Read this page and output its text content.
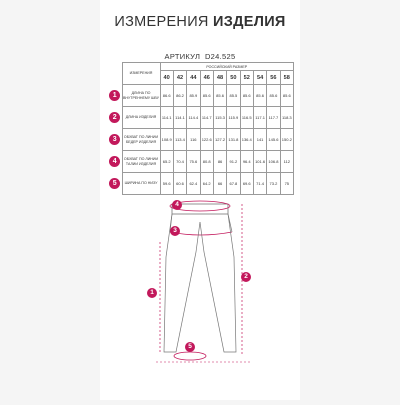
ИЗМЕРЕНИЯ ИЗДЕЛИЯ
АРТИКУЛ D24.525
	ИЗМЕРЕНИЯ	РОССИЙСКИЙ РАЗМЕР									
		40	42	44	46	48	50	52	54	56	58
1	ДЛИНА ПО ВНУТРЕННЕМУ ШВУ	86.6	86.2	85.9	85.6	85.6	85.5	85.6	85.6	85.6	85.6
2	ДЛИНА ИЗДЕЛИЯ	114.1	114.1	114.4	114.7	115.3	115.9	116.5	117.1	117.7	118.3
3	ОБХВАТ ПО ЛИНИИ БЕДЕР ИЗДЕЛИЯ	108.9	113.4	116	122.6	127.2	131.8	136.4	141	145.6	150.2
4	ОБХВАТ ПО ЛИНИИ ТАЛИИ ИЗДЕЛИЯ	65.2	70.4	75.6	80.8	86	91.2	96.4	101.6	106.8	112
5	ШИРИНА ПО НИЗУ	59.6	60.6	62.4	64.2	66	67.8	69.6	71.4	73.2	75
4
3
1
2
5
